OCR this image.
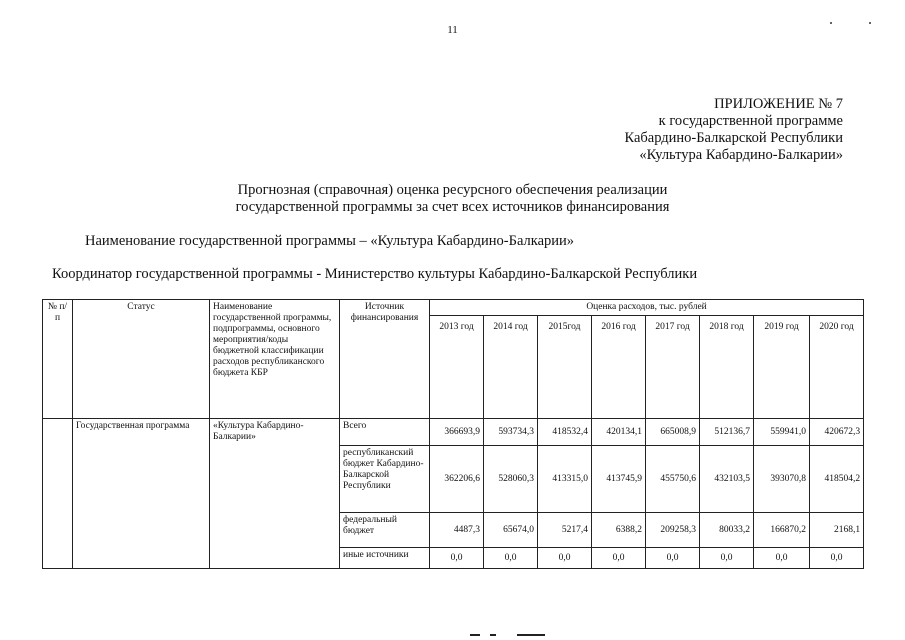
11
ПРИЛОЖЕНИЕ № 7
к государственной программе
Кабардино-Балкарской Республики
«Культура Кабардино-Балкарии»
Прогнозная (справочная) оценка ресурсного обеспечения реализации
государственной программы за счет всех источников финансирования
Наименование государственной программы – «Культура Кабардино-Балкарии»
Координатор государственной программы - Министерство культуры Кабардино-Балкарской Республики
№ п/п	Статус	Наименование государственной программы, подпрограммы, основного мероприятия/коды бюджетной классификации расходов республиканского бюджета КБР	Источник финансирования	Оценка расходов, тыс. рублей							
				2013 год	2014 год	2015год	2016 год	2017 год	2018 год	2019 год	2020 год
	Государственная программа	«Культура Кабардино-Балкарии»	Всего	366693,9	593734,3	418532,4	420134,1	665008,9	512136,7	559941,0	420672,3
			республиканский бюджет Кабардино-Балкарской Республики	362206,6	528060,3	413315,0	413745,9	455750,6	432103,5	393070,8	418504,2
			федеральный бюджет	4487,3	65674,0	5217,4	6388,2	209258,3	80033,2	166870,2	2168,1
			иные источники	0,0	0,0	0,0	0,0	0,0	0,0	0,0	0,0
